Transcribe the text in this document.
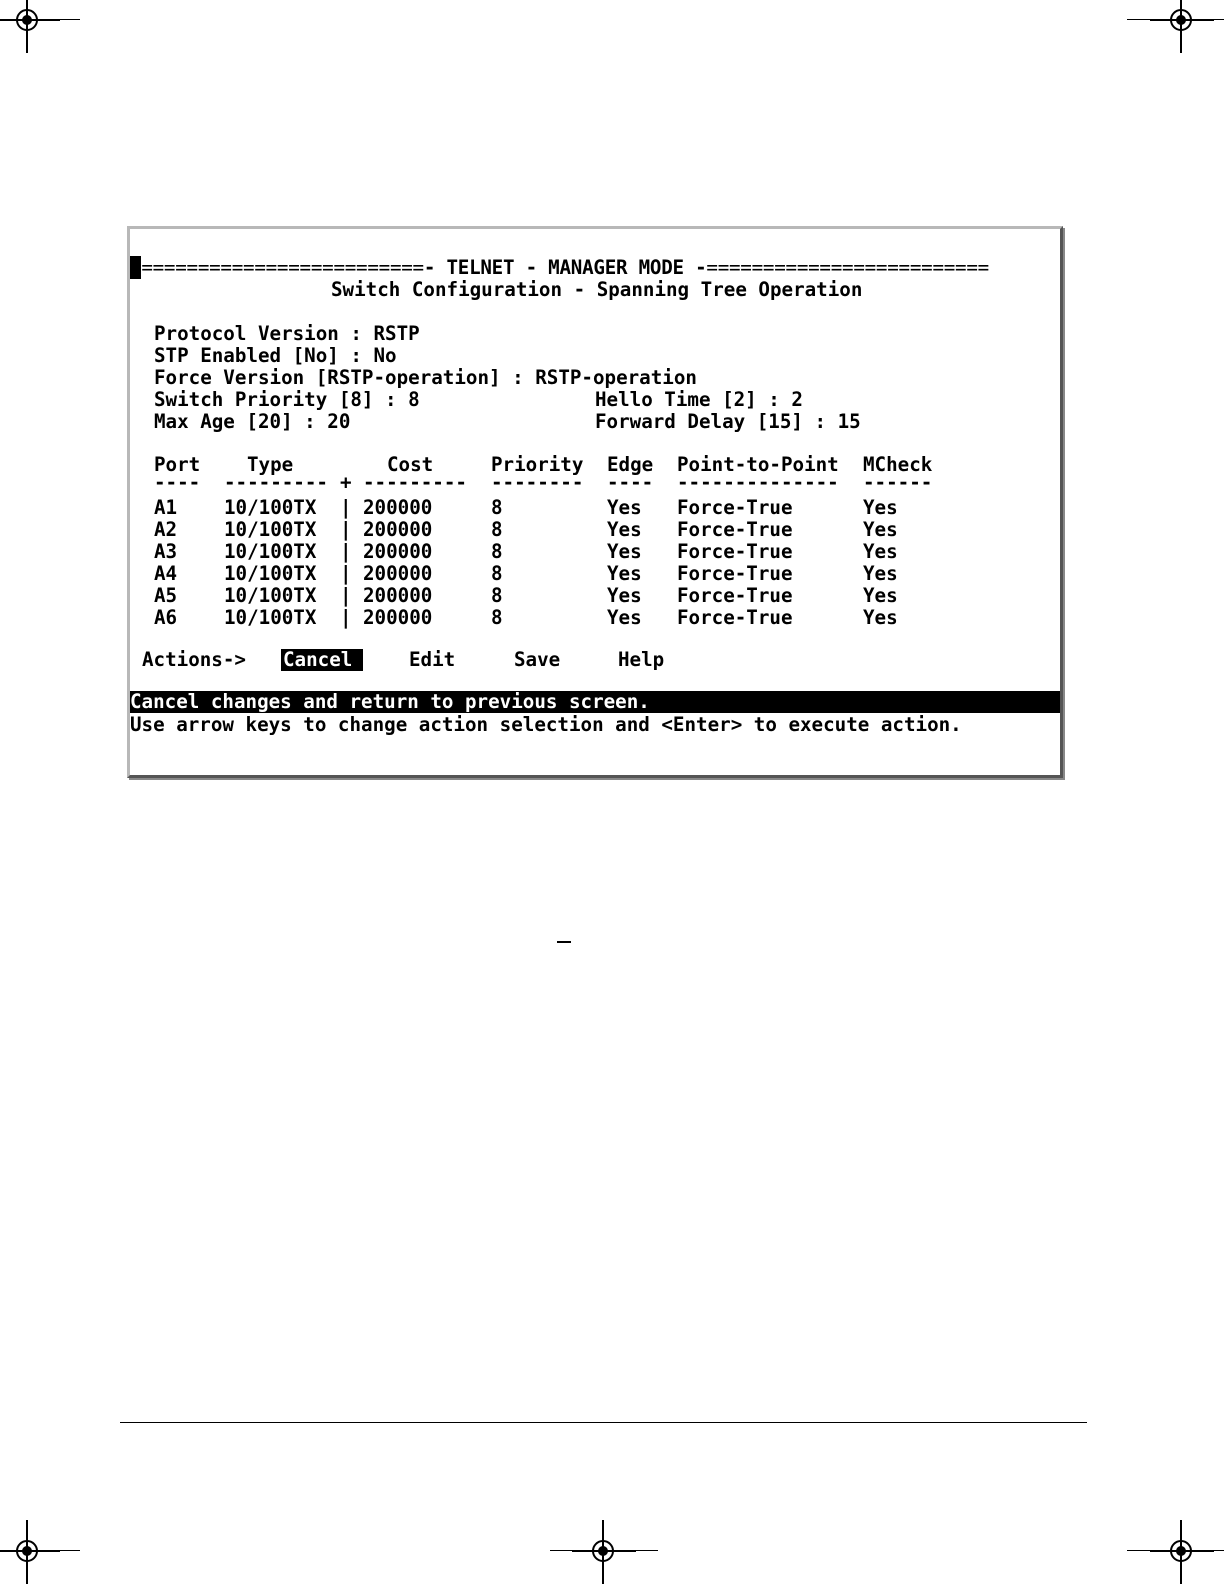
==========================- TELNET - MANAGER MODE -=========================
Switch Configuration - Spanning Tree Operation
Protocol Version : RSTP
STP Enabled [No] : No
Force Version [RSTP-operation] : RSTP-operation
Switch Priority [8] : 8	Hello Time [2] : 2
Max Age [20] : 20	Forward Delay [15] : 15
Port Type	Cost	Priority Edge Point-to-Point MCheck
---- --------- + --------- -------- ---- -------------- ------
A1 10/100TX | 200000	8	Yes Force-True	Yes
A2 10/100TX | 200000	8	Yes Force-True	Yes
A3 10/100TX | 200000	8	Yes Force-True	Yes
A4 10/100TX | 200000	8	Yes Force-True	Yes
A5 10/100TX | 200000	8	Yes Force-True	Yes
A6 10/100TX | 200000	8	Yes Force-True	Yes
Actions-> Cancel	Edit	Save	Help
Cancel changes and return to previous screen.
Use arrow keys to change action selection and <Enter> to execute action.
